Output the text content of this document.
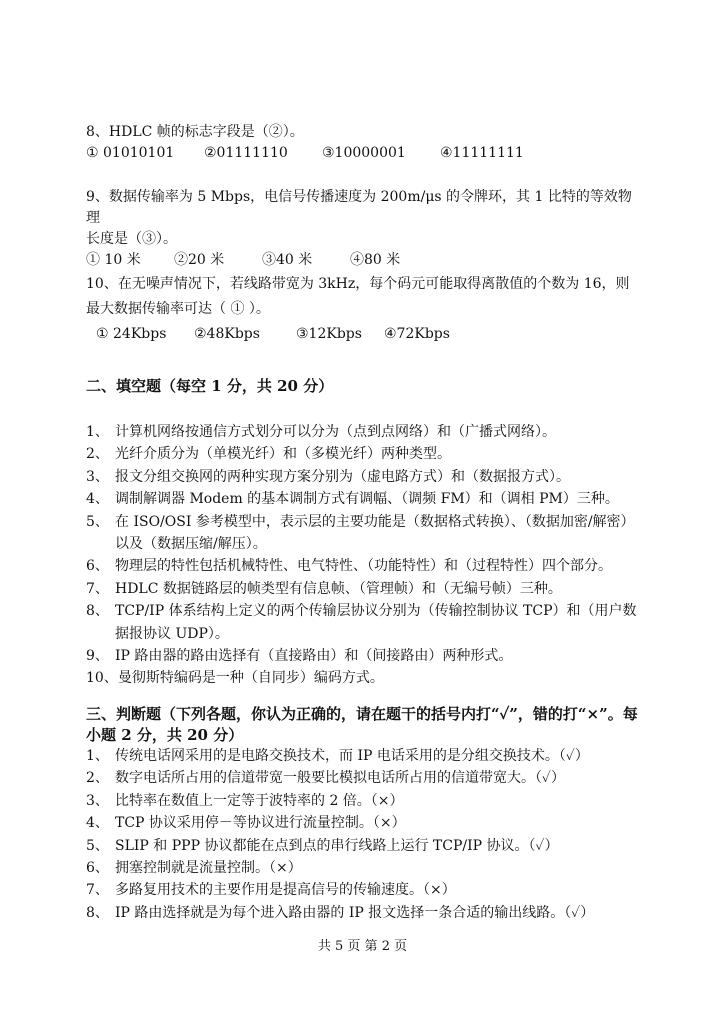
8、HDLC 帧的标志字段是（②）。

① 01010101	②01111110	③10000001	④11111111

9、数据传输率为 5 Mbps，电信号传播速度为 200m/μs 的令牌环，其 1 比特的等效物理

长度是（③）。

① 10 米	②20 米	③40 米	④80 米

10、在无噪声情况下，若线路带宽为 3kHz，每个码元可能取得离散值的个数为 16，则

最大数据传输率可达（ ① ）。

① 24Kbps	②48Kbps	③12Kbps	④72Kbps

二、填空题（每空 1 分，共 20 分）

1、 计算机网络按通信方式划分可以分为（点到点网络）和（广播式网络）。
2、 光纤介质分为（单模光纤）和（多模光纤）两种类型。
3、 报文分组交换网的两种实现方案分别为（虚电路方式）和（数据报方式）。
4、 调制解调器 Modem 的基本调制方式有调幅、（调频 FM）和（调相 PM）三种。
5、 在 ISO/OSI 参考模型中，表示层的主要功能是（数据格式转换）、（数据加密/解密）以及（数据压缩/解压）。
6、 物理层的特性包括机械特性、电气特性、（功能特性）和（过程特性）四个部分。
7、 HDLC 数据链路层的帧类型有信息帧、（管理帧）和（无编号帧）三种。
8、 TCP/IP 体系结构上定义的两个传输层协议分别为（传输控制协议 TCP）和（用户数据报协议 UDP）。
9、 IP 路由器的路由选择有（直接路由）和（间接路由）两种形式。
10、 曼彻斯特编码是一种（自同步）编码方式。

三、判断题（下列各题，你认为正确的，请在题干的括号内打“✓”，错的打“×”。每小题 2 分，共 20 分）

1、 传统电话网采用的是电路交换技术，而 IP 电话采用的是分组交换技术。（✓）
2、 数字电话所占用的信道带宽一般要比模拟电话所占用的信道带宽大。（✓）
3、 比特率在数值上一定等于波特率的 2 倍。（×）
4、 TCP 协议采用停－等协议进行流量控制。（×）
5、 SLIP 和 PPP 协议都能在点到点的串行线路上运行 TCP/IP 协议。（✓）
6、 拥塞控制就是流量控制。（×）
7、 多路复用技术的主要作用是提高信号的传输速度。（×）
8、 IP 路由选择就是为每个进入路由器的 IP 报文选择一条合适的输出线路。（✓）
共 5 页 第 2 页
